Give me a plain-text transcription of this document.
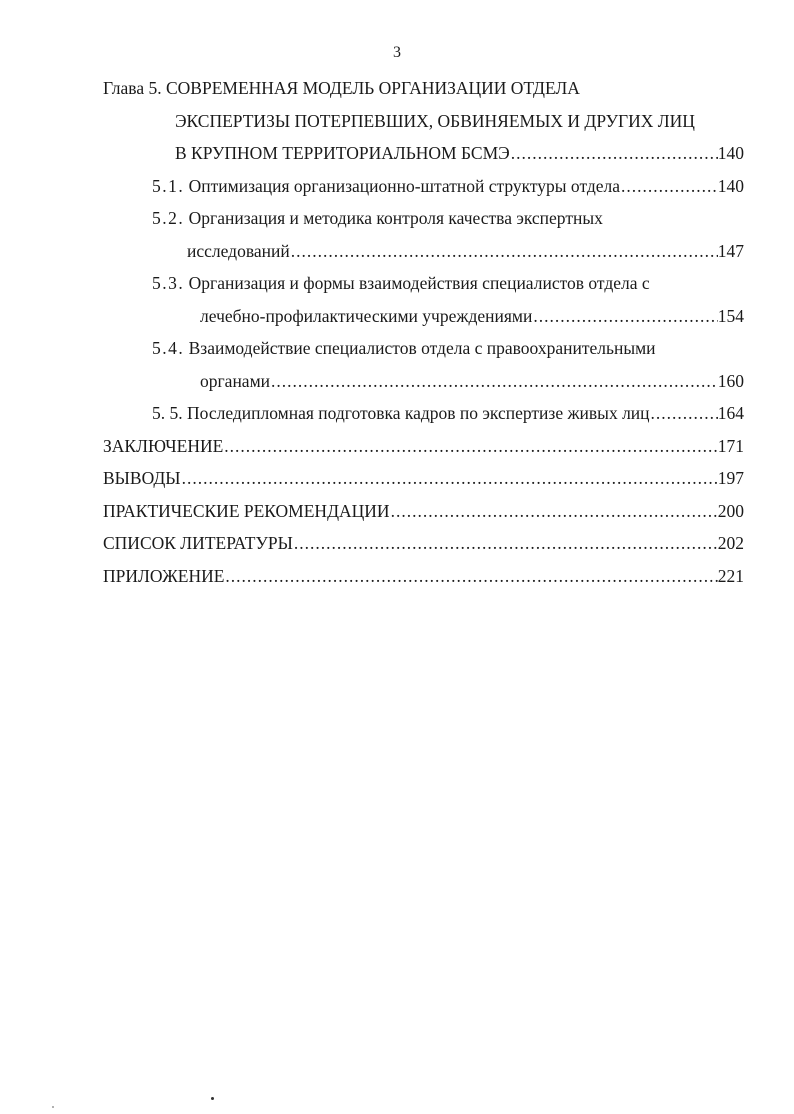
3
Глава 5. СОВРЕМЕННАЯ МОДЕЛЬ ОРГАНИЗАЦИИ ОТДЕЛА
ЭКСПЕРТИЗЫ ПОТЕРПЕВШИХ, ОБВИНЯЕМЫХ И ДРУГИХ ЛИЦ
В КРУПНОМ ТЕРРИТОРИАЛЬНОМ БСМЭ .....	140
5.1. Оптимизация организационно-штатной структуры отдела .....	140
5.2. Организация и методика контроля качества экспертных
исследований .....	147
5.3. Организация и формы взаимодействия специалистов отдела с
лечебно-профилактическими учреждениями .....	154
5.4. Взаимодействие специалистов отдела с правоохранительными
органами .....	160
5. 5. Последипломная подготовка кадров по экспертизе живых лиц .....	164
ЗАКЛЮЧЕНИЕ .....	171
ВЫВОДЫ .....	197
ПРАКТИЧЕСКИЕ РЕКОМЕНДАЦИИ .....	200
СПИСОК ЛИТЕРАТУРЫ .....	202
ПРИЛОЖЕНИЕ .....	221
